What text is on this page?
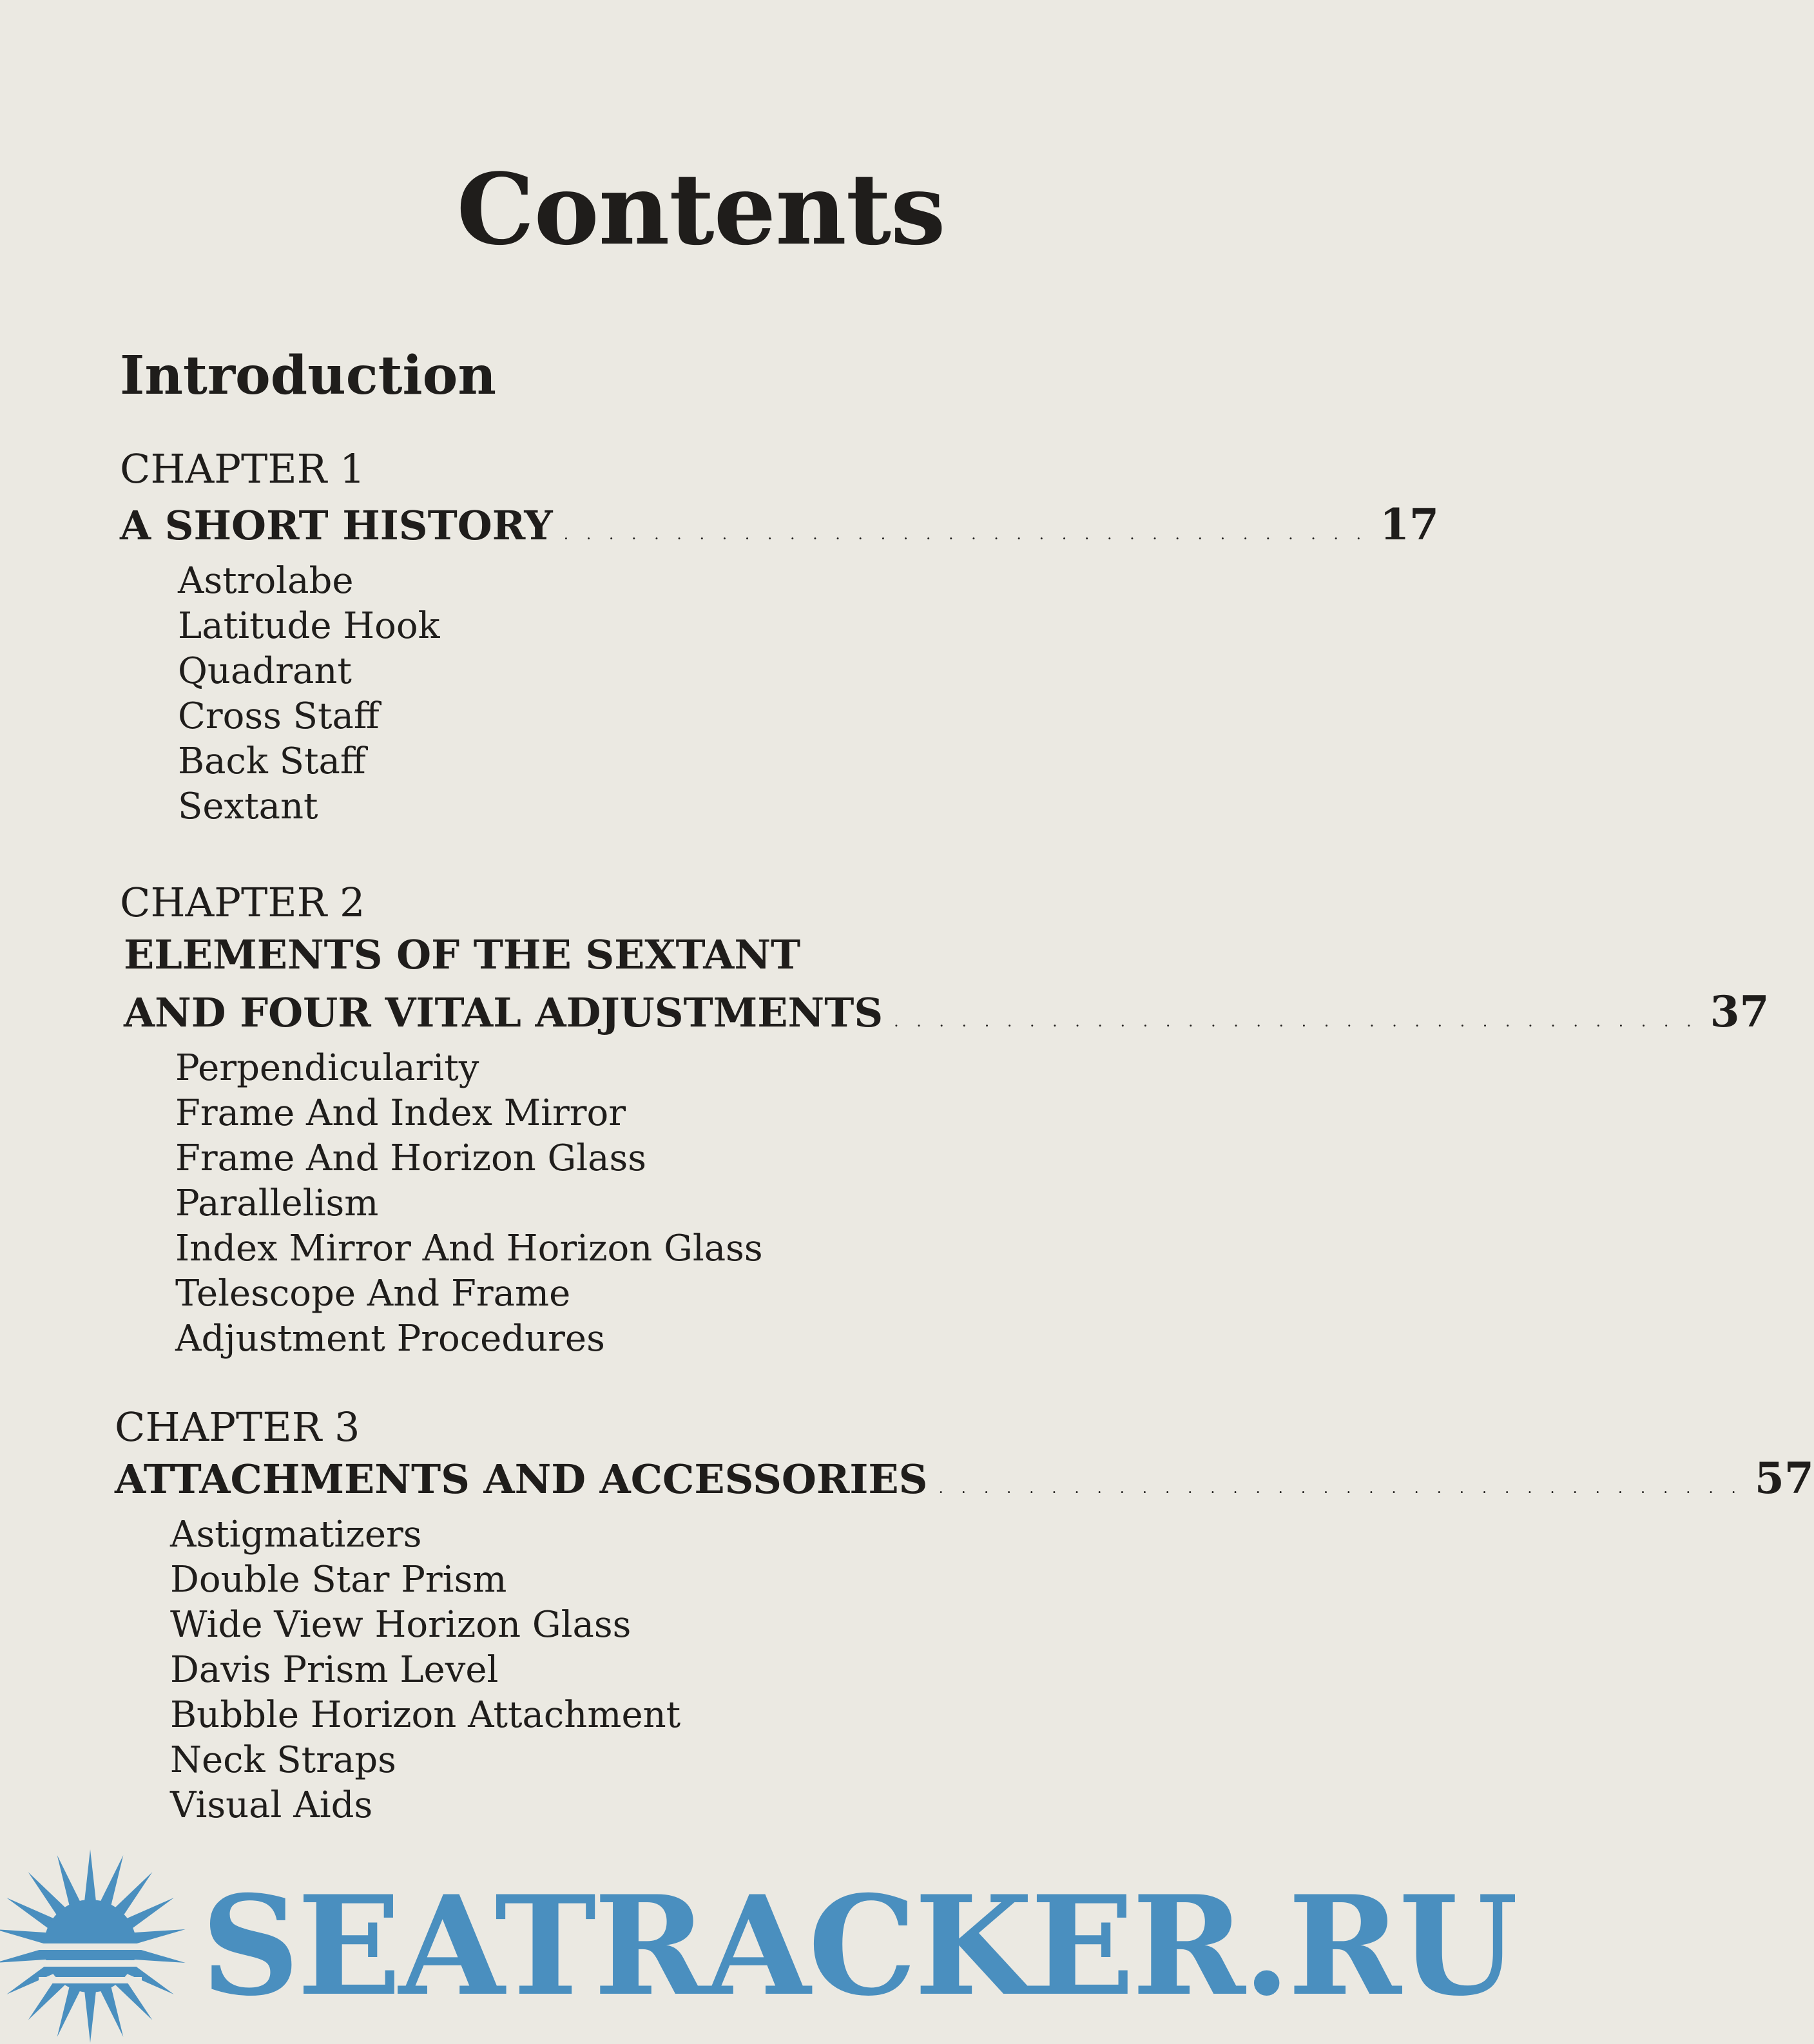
Contents
Introduction
CHAPTER 1
A SHORT HISTORY . . . . . . . . . . . . . . . . . . . . . . . . . . . . . . . . . . . . 17
Astrolabe
Latitude Hook
Quadrant
Cross Staff
Back Staff
Sextant
CHAPTER 2
ELEMENTS OF THE SEXTANT
AND FOUR VITAL ADJUSTMENTS . . . . . . . . . . . . . . . . . . . . . . . . . . . . . . . . . . . . 37
Perpendicularity
Frame And Index Mirror
Frame And Horizon Glass
Parallelism
Index Mirror And Horizon Glass
Telescope And Frame
Adjustment Procedures
CHAPTER 3
ATTACHMENTS AND ACCESSORIES . . . . . . . . . . . . . . . . . . . . . . . . . . . . . . . . . . . . 57
Astigmatizers
Double Star Prism
Wide View Horizon Glass
Davis Prism Level
Bubble Horizon Attachment
Neck Straps
Visual Aids
SEATRACKER.RU
